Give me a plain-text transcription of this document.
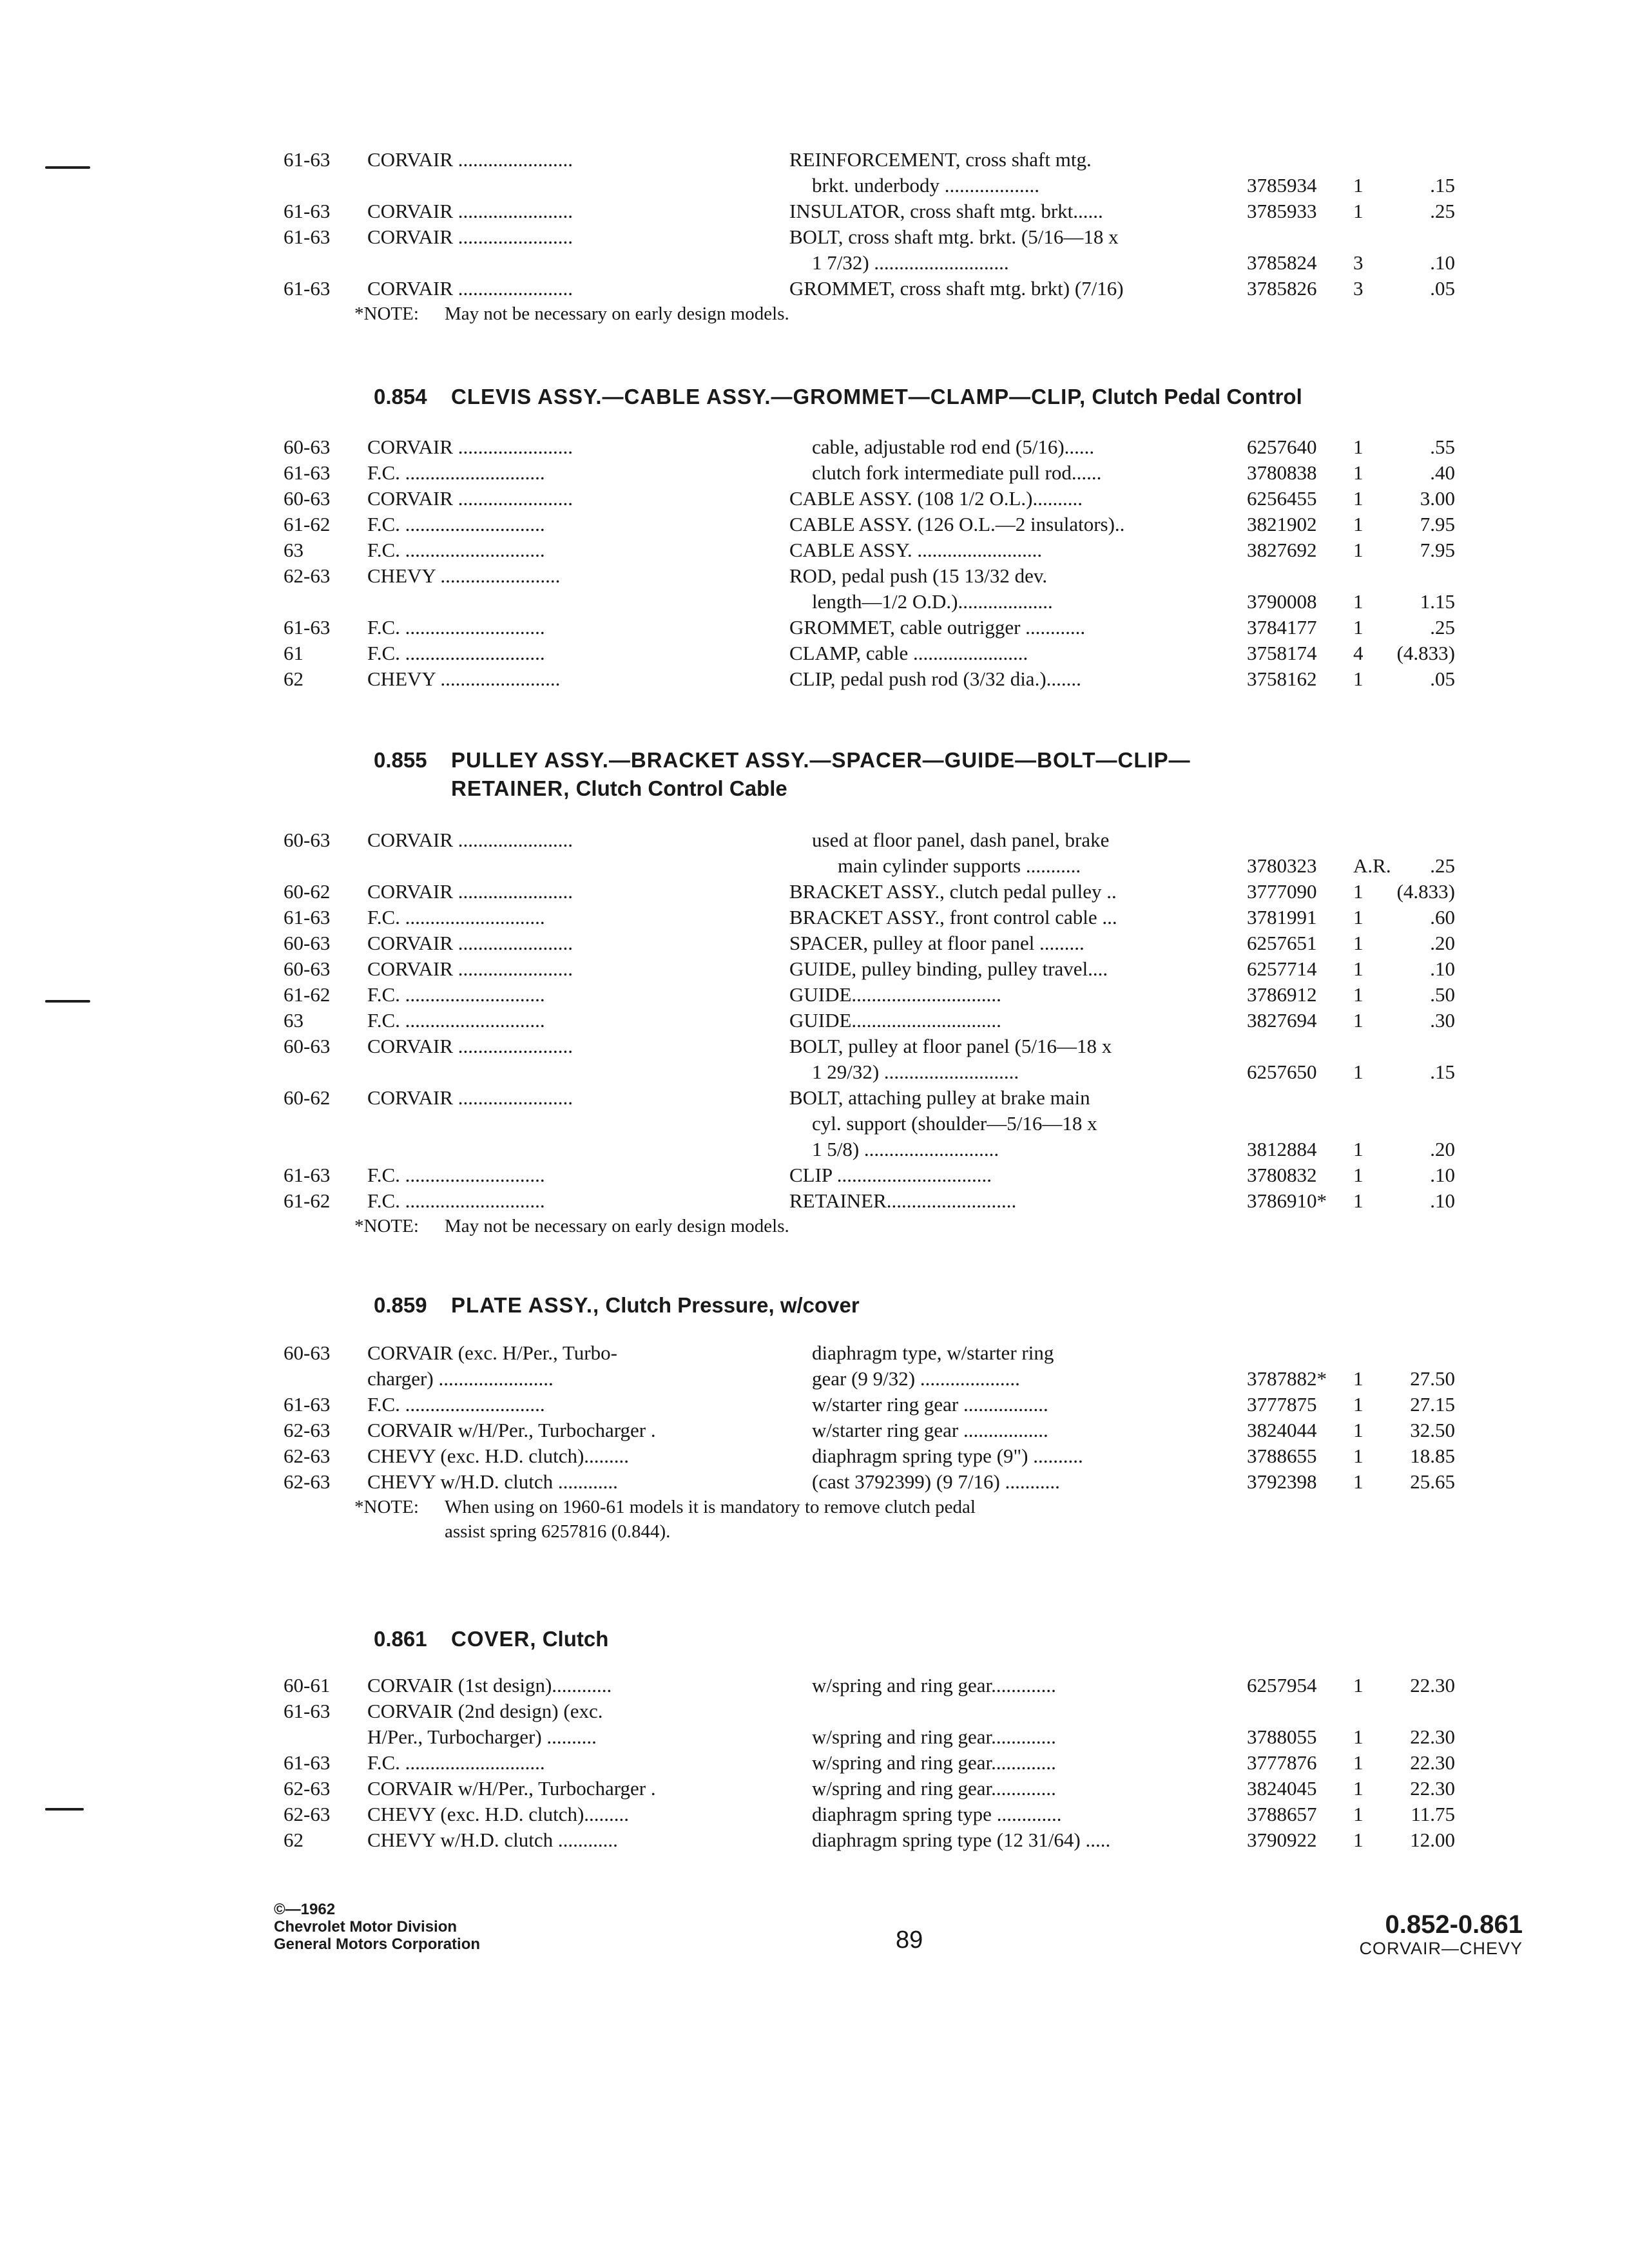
61-63 CORVAIR .......................	REINFORCEMENT, cross shaft mtg.
brkt. underbody ...................	3785934 1	.15
61-63 CORVAIR .......................	INSULATOR, cross shaft mtg. brkt......	3785933 1	.25
61-63 CORVAIR .......................	BOLT, cross shaft mtg. brkt. (5/16—18 x
1 7/32) ...........................	3785824 3	.10
61-63 CORVAIR .......................	GROMMET, cross shaft mtg. brkt) (7/16)	3785826 3	.05
*NOTE: May not be necessary on early design models.
0.854 CLEVIS ASSY.—CABLE ASSY.—GROMMET—CLAMP—CLIP, Clutch Pedal Control
60-63 CORVAIR .......................	cable, adjustable rod end (5/16)......	6257640 1	.55
61-63 F.C. ............................	clutch fork intermediate pull rod......	3780838 1	.40
60-63 CORVAIR .......................	CABLE ASSY. (108 1/2 O.L.)..........	6256455 1	3.00
61-62 F.C. ............................	CABLE ASSY. (126 O.L.—2 insulators)..	3821902 1	7.95
63	F.C. ............................	CABLE ASSY. .........................	3827692 1	7.95
62-63 CHEVY ........................	ROD, pedal push (15 13/32 dev.
length—1/2 O.D.)...................	3790008 1	1.15
61-63 F.C. ............................	GROMMET, cable outrigger ............	3784177 1	.25
61	F.C. ............................	CLAMP, cable .......................	3758174 4 (4.833)
62	CHEVY ........................	CLIP, pedal push rod (3/32 dia.).......	3758162 1	.05
0.855 PULLEY ASSY.—BRACKET ASSY.—SPACER—GUIDE—BOLT—CLIP—
RETAINER, Clutch Control Cable
60-63 CORVAIR .......................	used at floor panel, dash panel, brake
main cylinder supports ...........	3780323 A.R. .25
60-62 CORVAIR .......................	BRACKET ASSY., clutch pedal pulley ..	3777090 1 (4.833)
61-63 F.C. ............................	BRACKET ASSY., front control cable ...	3781991 1	.60
60-63 CORVAIR .......................	SPACER, pulley at floor panel .........	6257651 1	.20
60-63 CORVAIR .......................	GUIDE, pulley binding, pulley travel....	6257714 1	.10
61-62 F.C. ............................	GUIDE..............................	3786912 1	.50
63	F.C. ............................	GUIDE..............................	3827694 1	.30
60-63 CORVAIR .......................	BOLT, pulley at floor panel (5/16—18 x
1 29/32) ...........................	6257650 1	.15
60-62 CORVAIR .......................	BOLT, attaching pulley at brake main
cyl. support (shoulder—5/16—18 x
1 5/8) ...........................	3812884 1	.20
61-63 F.C. ............................	CLIP ...............................	3780832 1	.10
61-62 F.C. ............................	RETAINER..........................	3786910* 1	.10
*NOTE: May not be necessary on early design models.
0.859 PLATE ASSY., Clutch Pressure, w/cover
60-63 CORVAIR (exc. H/Per., Turbo-	diaphragm type, w/starter ring
charger) .......................	gear (9 9/32) ....................	3787882* 1 27.50
61-63 F.C. ............................	w/starter ring gear .................	3777875 1 27.15
62-63 CORVAIR w/H/Per., Turbocharger .	w/starter ring gear .................	3824044 1 32.50
62-63 CHEVY (exc. H.D. clutch).........	diaphragm spring type (9") ..........	3788655 1 18.85
62-63 CHEVY w/H.D. clutch ............	(cast 3792399) (9 7/16) ...........	3792398 1 25.65
*NOTE: When using on 1960-61 models it is mandatory to remove clutch pedal
assist spring 6257816 (0.844).
0.861 COVER, Clutch
60-61 CORVAIR (1st design)............	w/spring and ring gear.............	6257954 1 22.30
61-63 CORVAIR (2nd design) (exc.
H/Per., Turbocharger) ..........	w/spring and ring gear.............	3788055 1 22.30
61-63 F.C. ............................	w/spring and ring gear.............	3777876 1 22.30
62-63 CORVAIR w/H/Per., Turbocharger .	w/spring and ring gear.............	3824045 1 22.30
62-63 CHEVY (exc. H.D. clutch).........	diaphragm spring type .............	3788657 1 11.75
62	CHEVY w/H.D. clutch ............	diaphragm spring type (12 31/64) .....	3790922 1 12.00
©—1962
Chevrolet Motor Division
General Motors Corporation	89
0.852-0.861
CORVAIR—CHEVY
